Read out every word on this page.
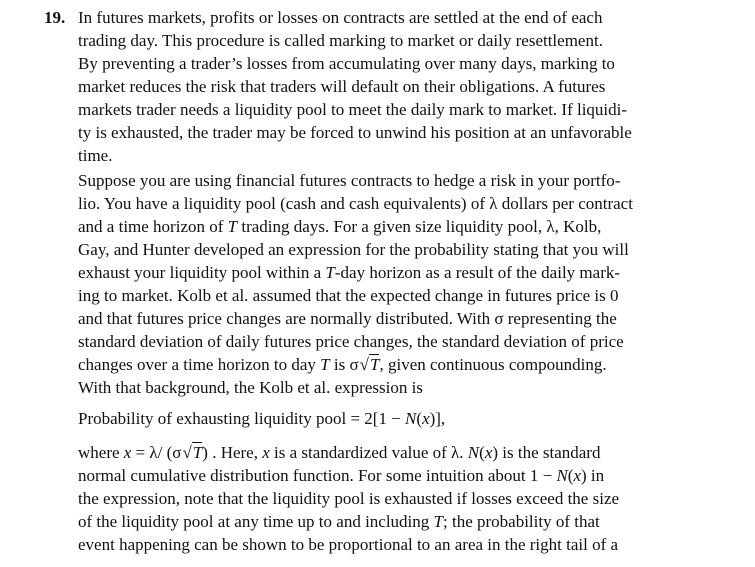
19. In futures markets, profits or losses on contracts are settled at the end of each
trading day. This procedure is called marking to market or daily resettlement.
By preventing a trader’s losses from accumulating over many days, marking to
market reduces the risk that traders will default on their obligations. A futures
markets trader needs a liquidity pool to meet the daily mark to market. If liquidi-
ty is exhausted, the trader may be forced to unwind his position at an unfavorable
time.
Suppose you are using financial futures contracts to hedge a risk in your portfo-
lio. You have a liquidity pool (cash and cash equivalents) of λ dollars per contract
and a time horizon of T trading days. For a given size liquidity pool, λ, Kolb,
Gay, and Hunter developed an expression for the probability stating that you will
exhaust your liquidity pool within a T-day horizon as a result of the daily mark-
ing to market. Kolb et al. assumed that the expected change in futures price is 0
and that futures price changes are normally distributed. With σ representing the
standard deviation of daily futures price changes, the standard deviation of price
changes over a time horizon to day T is σ√T, given continuous compounding.
With that background, the Kolb et al. expression is
Probability of exhausting liquidity pool = 2[1 − N(x)],
where x = λ/ (σ√T) . Here, x is a standardized value of λ. N(x) is the standard
normal cumulative distribution function. For some intuition about 1 − N(x) in
the expression, note that the liquidity pool is exhausted if losses exceed the size
of the liquidity pool at any time up to and including T; the probability of that
event happening can be shown to be proportional to an area in the right tail of a
